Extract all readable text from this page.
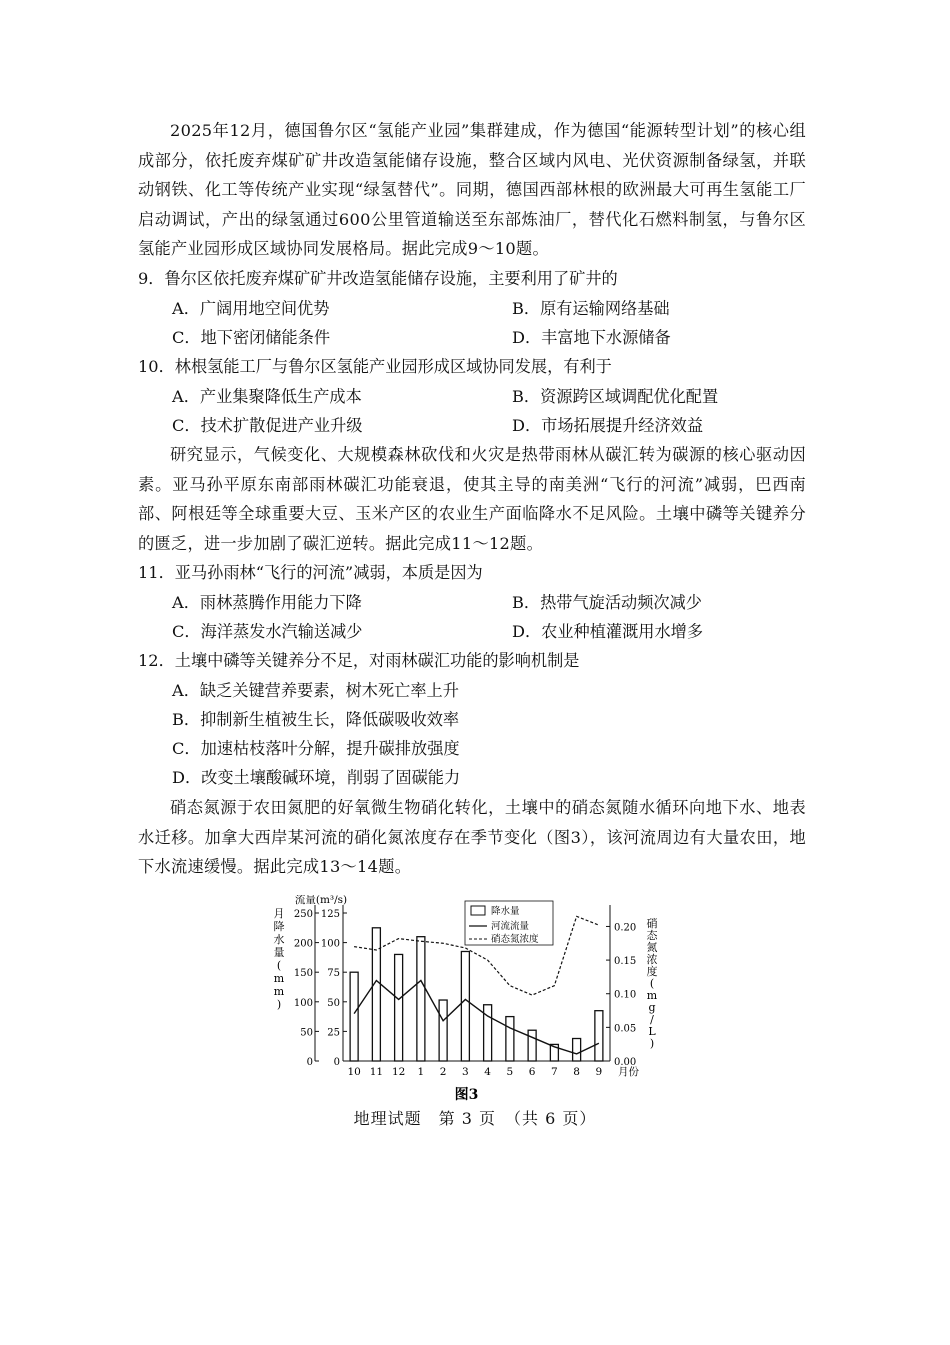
2025年12月，德国鲁尔区“氢能产业园”集群建成，作为德国“能源转型计划”的核心组成部分，依托废弃煤矿矿井改造氢能储存设施，整合区域内风电、光伏资源制备绿氢，并联动钢铁、化工等传统产业实现“绿氢替代”。同期，德国西部林根的欧洲最大可再生氢能工厂启动调试，产出的绿氢通过600公里管道输送至东部炼油厂，替代化石燃料制氢，与鲁尔区氢能产业园形成区域协同发展格局。据此完成9～10题。

9．鲁尔区依托废弃煤矿矿井改造氢能储存设施，主要利用了矿井的
A．广阔用地空间优势	B．原有运输网络基础
C．地下密闭储能条件	D．丰富地下水源储备
10．林根氢能工厂与鲁尔区氢能产业园形成区域协同发展，有利于
A．产业集聚降低生产成本	B．资源跨区域调配优化配置
C．技术扩散促进产业升级	D．市场拓展提升经济效益

研究显示，气候变化、大规模森林砍伐和火灾是热带雨林从碳汇转为碳源的核心驱动因素。亚马孙平原东南部雨林碳汇功能衰退，使其主导的南美洲“飞行的河流”减弱，巴西南部、阿根廷等全球重要大豆、玉米产区的农业生产面临降水不足风险。土壤中磷等关键养分的匮乏，进一步加剧了碳汇逆转。据此完成11～12题。

11．亚马孙雨林“飞行的河流”减弱，本质是因为
A．雨林蒸腾作用能力下降	B．热带气旋活动频次减少
C．海洋蒸发水汽输送减少	D．农业种植灌溉用水增多
12．土壤中磷等关键养分不足，对雨林碳汇功能的影响机制是
A．缺乏关键营养要素，树木死亡率上升
B．抑制新生植被生长，降低碳吸收效率
C．加速枯枝落叶分解，提升碳排放强度
D．改变土壤酸碱环境，削弱了固碳能力

硝态氮源于农田氮肥的好氧微生物硝化转化，土壤中的硝态氮随水循环向地下水、地表水迁移。加拿大西岸某河流的硝化氮浓度存在季节变化（图3），该河流周边有大量农田，地下水流速缓慢。据此完成13～14题。

降水量
河流流量
硝态氮浓度
0
50
100
150
200
250
0
25
50
75
100
125
0.00
0.05
0.10
0.15
0.20
10 11 12 1 2 3 4 5 6 7 8 9 月份
流量(m³/s)
月降水量( m m )
硝态氮浓度( m g / L )
图3
地理试题　第 3 页　（共 6 页）
